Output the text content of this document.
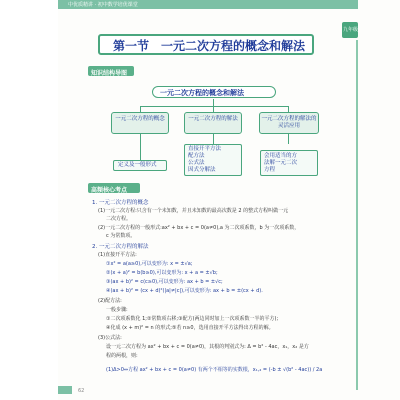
中优质精讲 · 初中数学培优课堂
九年级
第一节　一元二次方程的概念和解法
知识结构导图
一元二次方程的概念和解法
一元二次方程的概念	一元二次方程的解法	一元二次方程的解法的灵活应用
定义及一般形式
直接开平方法
配方法
公式法
因式分解法
会用适当的方
法解一元二次
方程
高频核心考点
1. 一元二次方程的概念
(1)一元二次方程:只含有一个未知数，并且未知数的最高次数是 2 的整式方程叫做一元
二次方程。
(2)一元二次方程的一般形式:ax² + bx + c = 0(a≠0),a 为二次项系数，b 为一次项系数，
c 为常数项。
2. 一元二次方程的解法
(1)直接开平方法:
①x² = a(a≥0),可以变形为: x = ±√a;
②(x + a)² = b(b≥0),可以变形为: x + a = ±√b;
③(ax + b)² = c(c≥0),可以变形为: ax + b = ±√c;
④(ax + b)² = (cx + d)²(|a|≠|c|),可以变形为: ax + b = ±(cx + d).
(2)配方法:
一般步骤:
①二次项系数化 1;②常数项右移;③配方(两边同时加上一次项系数一半的平方);
④化成 (x + m)² = n 的形式;⑤若 n≥0，选用直接开平方法得出方程的解。
(3)公式法:
设一元二次方程为 ax² + bx + c = 0(a≠0)，其根的判别式为: Δ = b² - 4ac，x₁，x₂ 是方
程的两根，则:
(1)Δ>0⇔方程 ax² + bx + c = 0(a≠0) 有两个不相等的实数根，x₁,₂ = (-b ± √(b² - 4ac)) / 2a
62
